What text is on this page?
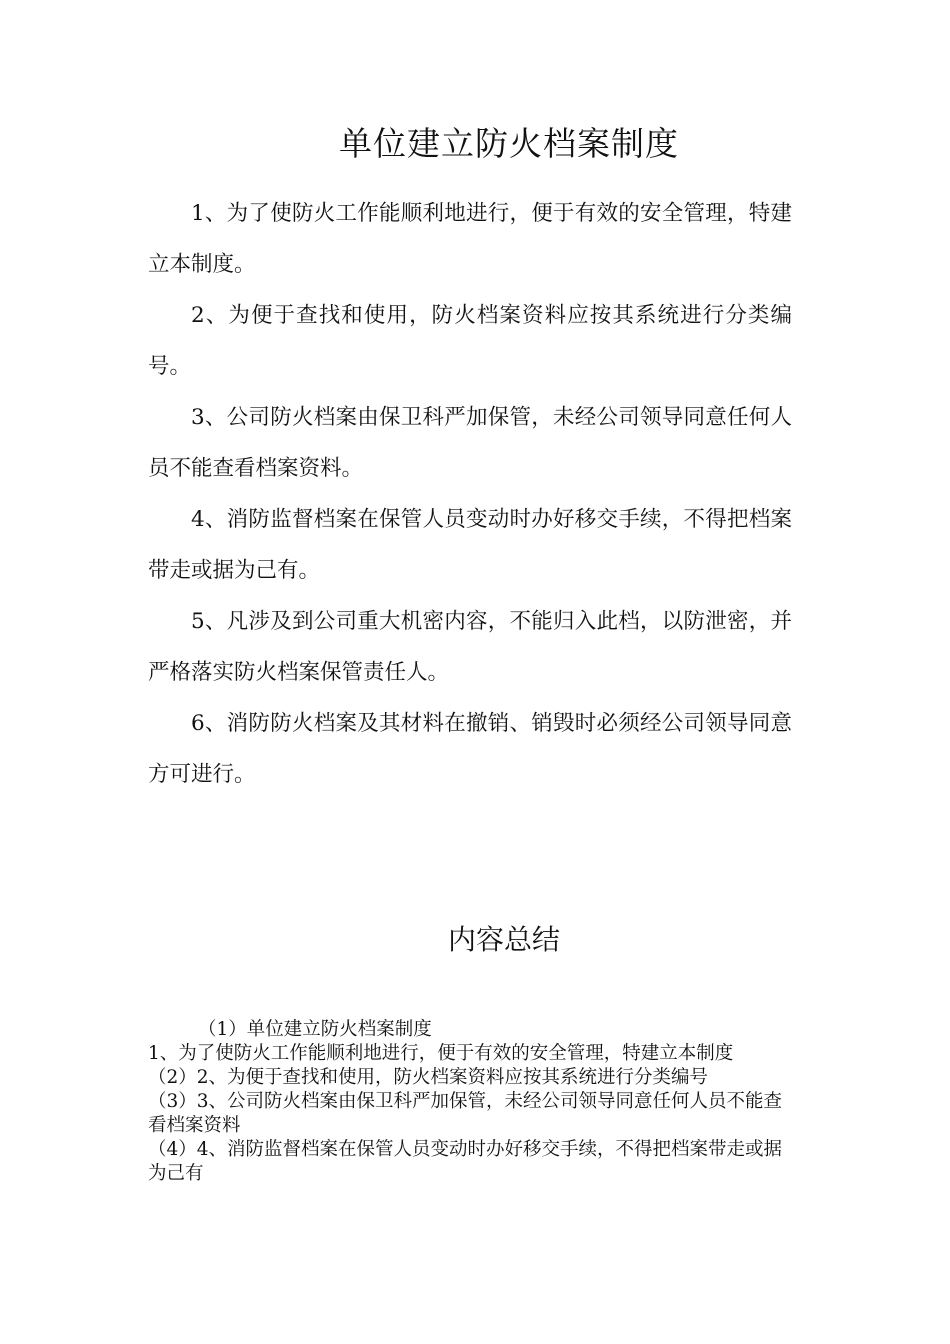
单位建立防火档案制度

1、为了使防火工作能顺利地进行，便于有效的安全管理，特建立本制度。

2、为便于查找和使用，防火档案资料应按其系统进行分类编号。

3、公司防火档案由保卫科严加保管，未经公司领导同意任何人员不能查看档案资料。

4、消防监督档案在保管人员变动时办好移交手续，不得把档案带走或据为己有。

5、凡涉及到公司重大机密内容，不能归入此档，以防泄密，并严格落实防火档案保管责任人。

6、消防防火档案及其材料在撤销、销毁时必须经公司领导同意方可进行。

内容总结

（1）单位建立防火档案制度

1、为了使防火工作能顺利地进行，便于有效的安全管理，特建立本制度

（2）2、为便于查找和使用，防火档案资料应按其系统进行分类编号

（3）3、公司防火档案由保卫科严加保管，未经公司领导同意任何人员不能查看档案资料

（4）4、消防监督档案在保管人员变动时办好移交手续，不得把档案带走或据为己有
